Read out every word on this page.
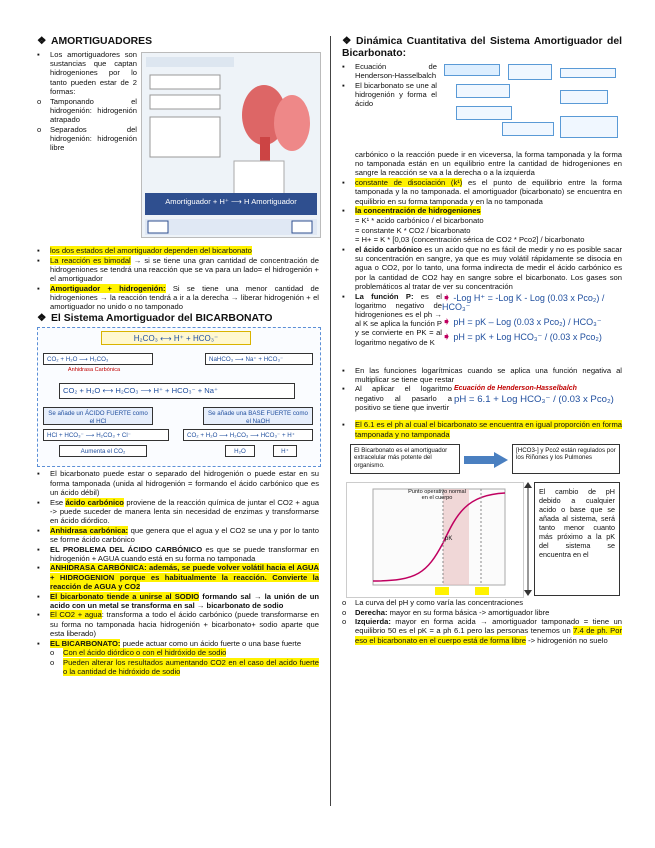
❖ AMORTIGUADORES
▪	Los amortiguadores son sustancias que captan hidrogeniones por lo tanto pueden estar de 2 formas:
o	Tamponando el hidrogenión: hidrogenión atrapado
o	Separados del hidrogenión: hidrogenión libre
Amortiguador + H⁺ ⟶ H Amortiguador
▪	los dos estados del amortiguador dependen del bicarbonato
▪	La reacción es bimodal → si se tiene una gran cantidad de concentración de hidrogeniones se tendrá una reacción que se va para un lado= el hidrogenión + el amortiguador
▪	Amortiguador + hidrogenión: Si se tiene una menor cantidad de hidrogeniones → la reacción tendrá a ir a la derecha → liberar hidrogenión + el amortiguador no unido o no tamponado
❖ El Sistema Amortiguador del BICARBONATO
H₂CO₃ ⟷ H⁺ + HCO₃⁻
CO₂ + H₂O ⟶ H₂CO₃
Anhidrasa Carbónica
NaHCO₃ ⟶ Na⁺ + HCO₃⁻
CO₂ + H₂O ⟷ H₂CO₃ ⟶ H⁺ + HCO₃⁻ + Na⁺
Se añade un ÁCIDO FUERTE como el HCl
Se añade una BASE FUERTE como el NaOH
HCl + HCO₃⁻ ⟶ H₂CO₃ + Cl⁻	CO₂ + H₂O ⟶ H₂CO₃ ⟶ HCO₃⁻ + H⁺
Aumenta el CO₂	H₂O	H⁺
▪	El bicarbonato puede estar o separado del hidrogenión o puede estar en su forma tamponada (unida al hidrogenión = formando el ácido carbónico que es un ácido débil)
▪	Ese ácido carbónico proviene de la reacción química de juntar el CO2 + agua -> puede suceder de manera lenta sin necesidad de enzimas y transformarse en ácido diórdico.
▪	Anhidrasa carbónica: que genera que el agua y el CO2 se una y por lo tanto se forme ácido carbónico
▪	EL PROBLEMA DEL ÁCIDO CARBÓNICO es que se puede transformar en hidrogenión + AGUA cuando está en su forma no tamponada
▪	ANHIDRASA CARBÓNICA: además, se puede volver volátil hacia el AGUA + HIDROGENION porque es habitualmente la reacción. Convierte la reacción de AGUA y CO2
▪	El bicarbonato tiende a unirse al SODIO formando sal → la unión de un acido con un metal se transforma en sal → bicarbonato de sodio
▪	El CO2 + agua: transforma a todo el ácido carbónico (puede transformarse en su forma no tamponada hacia hidrogenión + bicarbonato+ sodio aparte que esta liberado)
▪	EL BICARBONATO: puede actuar como un ácido fuerte o una base fuerte
o	Con el ácido diórdico o con el hidróxido de sodio
o	Pueden alterar los resultados aumentando CO2 en el caso del acido fuerte o la cantidad de hidróxido de sodio
❖ Dinámica Cuantitativa del Sistema Amortiguador del Bicarbonato:
▪	Ecuación de Henderson-Hasselbalch
▪	El bicarbonato se une al hidrogenión y forma el ácido
carbónico o la reacción puede ir en viceversa, la forma tamponada y la forma no tamponada están en un equilibrio entre la cantidad de hidrogeniones en sangre la reacción se va a la derecha o a la izquierda
▪	constante de disociación (k¹) es el punto de equilibrio entre la forma tamponada y la no tamponada. el amortiguador (bicarbonato) se encuentra en equilibrio en su forma tamponada y en la no tamponada
▪	la concentración de hidrogeniones
= K¹ * acido carbónico / el bicarbonato
= constante K * CO2 / bicarbonato
= H+ = K * [0,03 (concentración sérica de CO2 * Pco2] / bicarbonato
▪	el ácido carbónico es un acido que no es fácil de medir y no es posible sacar su concentración en sangre, ya que es muy volátil rápidamente se disocia en agua o CO2, por lo tanto, una forma indirecta de medir el ácido carbónico es por la cantidad de CO2 hay en sangre sobre el bicarbonato. Los gases son problemáticos al tratar de ver su concentración
▪	La función P: es el logaritmo negativo de hidrogeniones es el ph → al K se aplica la función P y se convierte en PK = al logaritmo negativo de K
➧ -Log H⁺ = -Log K - Log (0.03 x Pco₂) / HCO₃⁻
➧ pH = pK – Log (0.03 x Pco₂) / HCO₃⁻
➧ pH = pK + Log HCO₃⁻ / (0.03 x Pco₂)
▪	En las funciones logarítmicas cuando se aplica una función negativa al multiplicar se tiene que restar
▪	Al aplicar el logaritmo negativo al pasarlo a positivo se tiene que invertir
Ecuación de Henderson-Hasselbalch
pH = 6.1 + Log HCO₃⁻ / (0.03 x Pco₂)
▪	El 6.1 es el ph al cual el bicarbonato se encuentra en igual proporción en forma tamponada y no tamponada
El Bicarbonato es el amortiguador extracelular más potente del organismo.
[HCO3-] y Pco2 están regulados por los Riñones y los Pulmones
Punto operativo normal en el cuerpo
pK
El cambio de pH debido a cualquier acido o base que se añada al sistema, será tanto menor cuanto más próximo a la pK del sistema se encuentra en el
o	La curva del pH y como varía las concentraciones
o	Derecha: mayor en su forma básica -> amortiguador libre
o	Izquierda: mayor en forma acida → amortiguador tamponado = tiene un equilibrio 50 es el pK = a ph 6.1 pero las personas tenemos un 7.4 de ph. Por eso el bicarbonato en el cuerpo está de forma libre -> hidrogenión no suelo
